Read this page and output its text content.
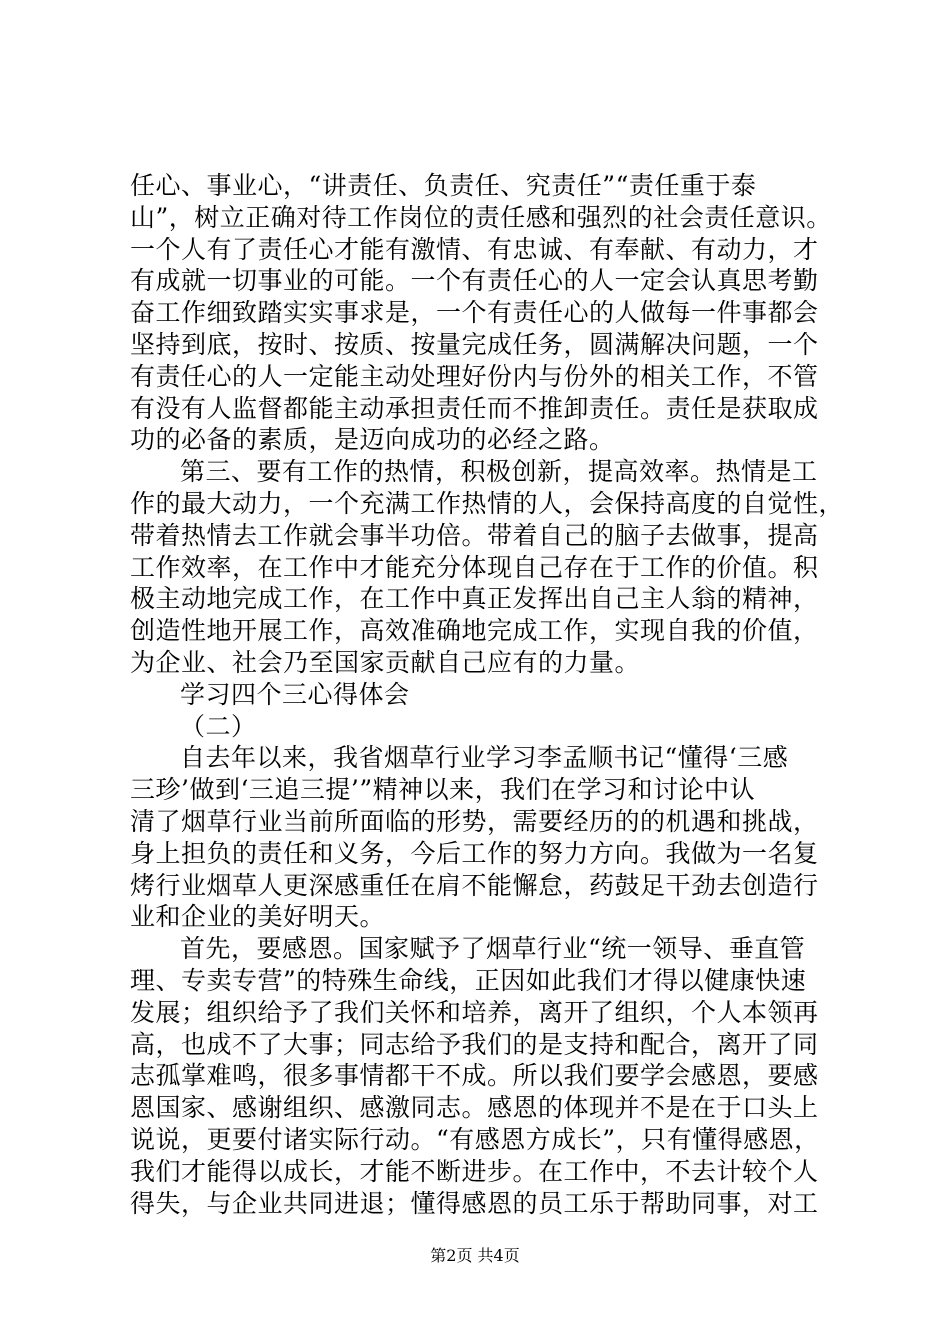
任心、事业心，“讲责任、负责任、究责任”“责任重于泰
山”，树立正确对待工作岗位的责任感和强烈的社会责任意识。
一个人有了责任心才能有激情、有忠诚、有奉献、有动力，才
有成就一切事业的可能。一个有责任心的人一定会认真思考勤
奋工作细致踏实实事求是，一个有责任心的人做每一件事都会
坚持到底，按时、按质、按量完成任务，圆满解决问题，一个
有责任心的人一定能主动处理好份内与份外的相关工作，不管
有没有人监督都能主动承担责任而不推卸责任。责任是获取成
功的必备的素质，是迈向成功的必经之路。
第三、要有工作的热情，积极创新，提高效率。热情是工
作的最大动力，一个充满工作热情的人，会保持高度的自觉性，
带着热情去工作就会事半功倍。带着自己的脑子去做事，提高
工作效率，在工作中才能充分体现自己存在于工作的价值。积
极主动地完成工作，在工作中真正发挥出自己主人翁的精神，
创造性地开展工作，高效准确地完成工作，实现自我的价值，
为企业、社会乃至国家贡献自己应有的力量。
学习四个三心得体会
（二）
自去年以来，我省烟草行业学习李孟顺书记“懂得‘三感
三珍’做到‘三追三提’”精神以来，我们在学习和讨论中认
清了烟草行业当前所面临的形势，需要经历的的机遇和挑战，
身上担负的责任和义务，今后工作的努力方向。我做为一名复
烤行业烟草人更深感重任在肩不能懈怠，药鼓足干劲去创造行
业和企业的美好明天。
首先，要感恩。国家赋予了烟草行业“统一领导、垂直管
理、专卖专营”的特殊生命线，正因如此我们才得以健康快速
发展；组织给予了我们关怀和培养，离开了组织，个人本领再
高，也成不了大事；同志给予我们的是支持和配合，离开了同
志孤掌难鸣，很多事情都干不成。所以我们要学会感恩，要感
恩国家、感谢组织、感激同志。感恩的体现并不是在于口头上
说说，更要付诸实际行动。“有感恩方成长”，只有懂得感恩，
我们才能得以成长，才能不断进步。在工作中，不去计较个人
得失，与企业共同进退；懂得感恩的员工乐于帮助同事，对工
第2页 共4页
